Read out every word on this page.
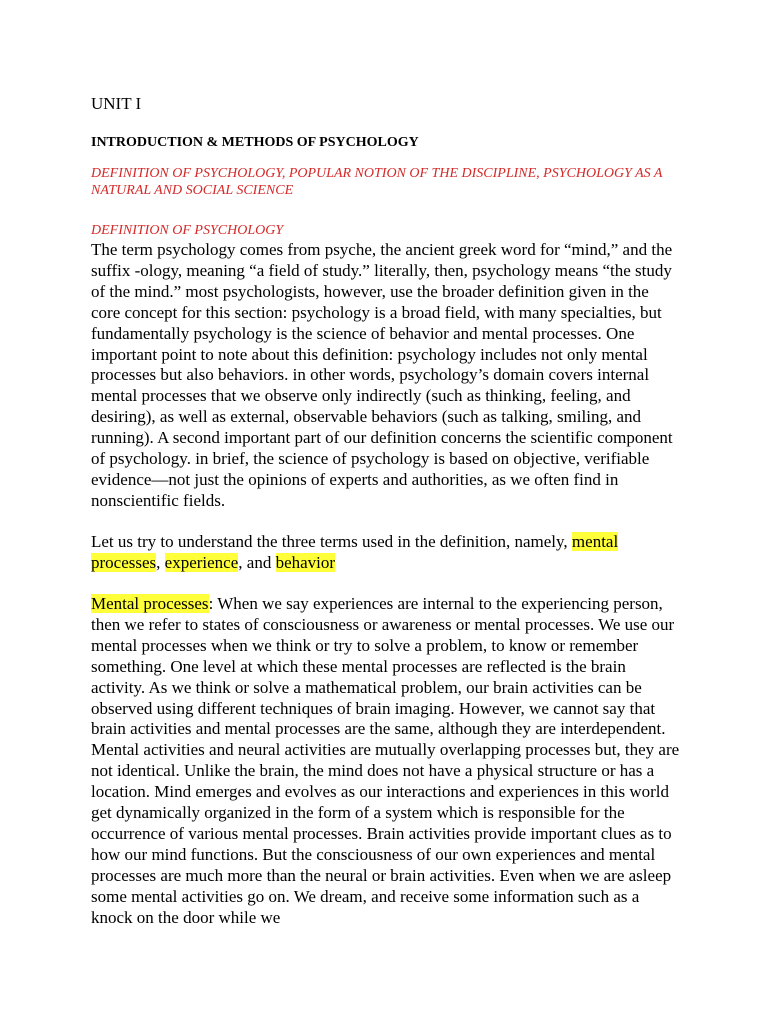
UNIT I
INTRODUCTION & METHODS OF PSYCHOLOGY
DEFINITION OF PSYCHOLOGY, POPULAR NOTION OF THE DISCIPLINE, PSYCHOLOGY AS A NATURAL AND SOCIAL SCIENCE
DEFINITION OF PSYCHOLOGY
The term psychology comes from psyche, the ancient greek word for “mind,” and the suffix -ology, meaning “a field of study.” literally, then, psychology means “the study of the mind.” most psychologists, however, use the broader definition given in the core concept for this section: psychology is a broad field, with many specialties, but fundamentally psychology is the science of behavior and mental processes. One important point to note about this definition: psychology includes not only mental processes but also behaviors. in other words, psychology’s domain covers internal mental processes that we observe only indirectly (such as thinking, feeling, and desiring), as well as external, observable behaviors (such as talking, smiling, and running). A second important part of our definition concerns the scientific component of psychology. in brief, the science of psychology is based on objective, verifiable evidence—not just the opinions of experts and authorities, as we often find in nonscientific fields.
Let us try to understand the three terms used in the definition, namely, mental processes, experience, and behavior
Mental processes: When we say experiences are internal to the experiencing person, then we refer to states of consciousness or awareness or mental processes. We use our mental processes when we think or try to solve a problem, to know or remember something. One level at which these mental processes are reflected is the brain activity. As we think or solve a mathematical problem, our brain activities can be observed using different techniques of brain imaging. However, we cannot say that brain activities and mental processes are the same, although they are interdependent. Mental activities and neural activities are mutually overlapping processes but, they are not identical. Unlike the brain, the mind does not have a physical structure or has a location. Mind emerges and evolves as our interactions and experiences in this world get dynamically organized in the form of a system which is responsible for the occurrence of various mental processes. Brain activities provide important clues as to how our mind functions. But the consciousness of our own experiences and mental processes are much more than the neural or brain activities. Even when we are asleep some mental activities go on. We dream, and receive some information such as a knock on the door while we
